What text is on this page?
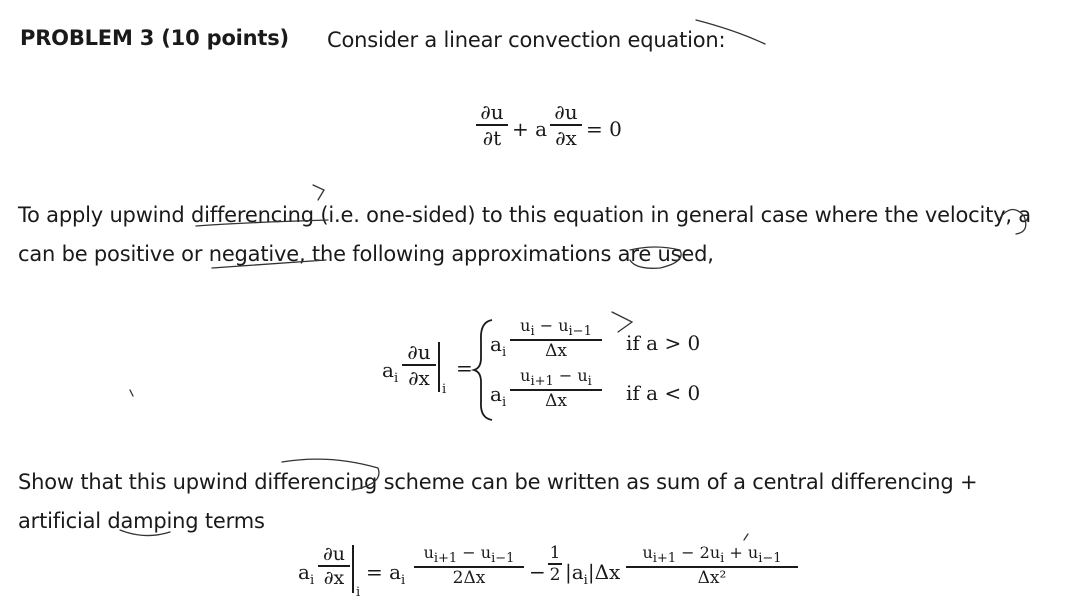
PROBLEM 3 (10 points) Consider a linear convection equation:
∂u
∂t + a
∂u
∂x = 0
To apply upwind differencing (i.e. one-sided) to this equation in general case where the velocity, a
can be positive or negative, the following approximations are used,
$a_i$
∂u
∂x i
=
$a_i$
$u_i - u_{i-1}$
Δx	if a > 0
$a_i$
$u_{i+1} - u_i$
Δx	if a < 0
Show that this upwind differencing scheme can be written as sum of a central differencing +
artificial damping terms
$a_i$
∂u
∂x
i
= $a_i$
$u_{i+1} - u_{i-1}$
2Δx	−
1
2 $|a_i|\Delta x$
$u_{i+1} - 2u_i + u_{i-1}$
Δx²
